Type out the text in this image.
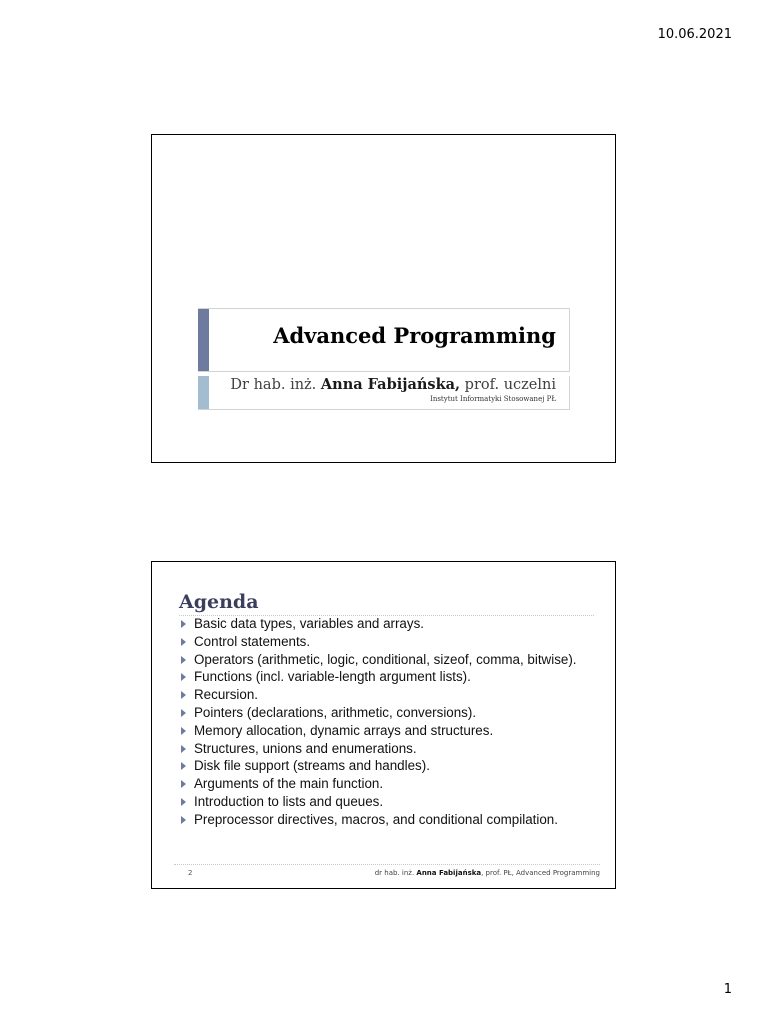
10.06.2021
Advanced Programming
Dr hab. inż. Anna Fabijańska, prof. uczelni
Instytut Informatyki Stosowanej PŁ
Agenda
Basic data types, variables and arrays.
Control statements.
Operators (arithmetic, logic, conditional, sizeof, comma, bitwise).
Functions (incl. variable-length argument lists).
Recursion.
Pointers (declarations, arithmetic, conversions).
Memory allocation, dynamic arrays and structures.
Structures, unions and enumerations.
Disk file support (streams and handles).
Arguments of the main function.
Introduction to lists and queues.
Preprocessor directives, macros, and conditional compilation.
2	dr hab. inż. Anna Fabijańska, prof. PŁ, Advanced Programming
1
